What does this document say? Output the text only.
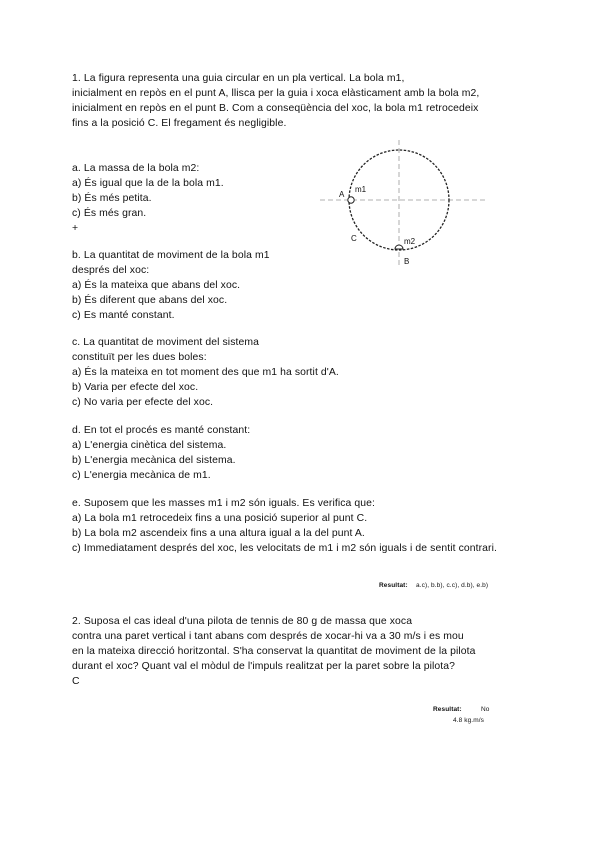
1. La figura representa una guia circular en un pla vertical. La bola m1,
inicialment en repòs en el punt A, llisca per la guia i xoca elàsticament amb la bola m2,
inicialment en repòs en el punt B. Com a conseqüència del xoc, la bola m1 retrocedeix
fins a la posició C. El fregament és negligible.
a. La massa de la bola m2:
a) És igual que la de la bola m1.
b) És més petita.
c) És més gran.
+
b. La quantitat de moviment de la bola m1
després del xoc:
a) És la mateixa que abans del xoc.
b) És diferent que abans del xoc.
c) Es manté constant.
c. La quantitat de moviment del sistema
constituït per les dues boles:
a) És la mateixa en tot moment des que m1 ha sortit d'A.
b) Varia per efecte del xoc.
c) No varia per efecte del xoc.
d. En tot el procés es manté constant:
a) L'energia cinètica del sistema.
b) L'energia mecànica del sistema.
c) L'energia mecànica de m1.
e. Suposem que les masses m1 i m2 són iguals. Es verifica que:
a) La bola m1 retrocedeix fins a una posició superior al punt C.
b) La bola m2 ascendeix fins a una altura igual a la del punt A.
c) Immediatament després del xoc, les velocitats de m1 i m2 són iguals i de sentit contrari.
Resultat: a.c), b.b), c.c), d.b), e.b)
A
m1
C	m2
B
2. Suposa el cas ideal d'una pilota de tennis de 80 g de massa que xoca
contra una paret vertical i tant abans com després de xocar-hi va a 30 m/s i es mou
en la mateixa direcció horitzontal. S'ha conservat la quantitat de moviment de la pilota
durant el xoc? Quant val el mòdul de l'impuls realitzat per la paret sobre la pilota?
C
Resultat:	No
4.8 kg.m/s
